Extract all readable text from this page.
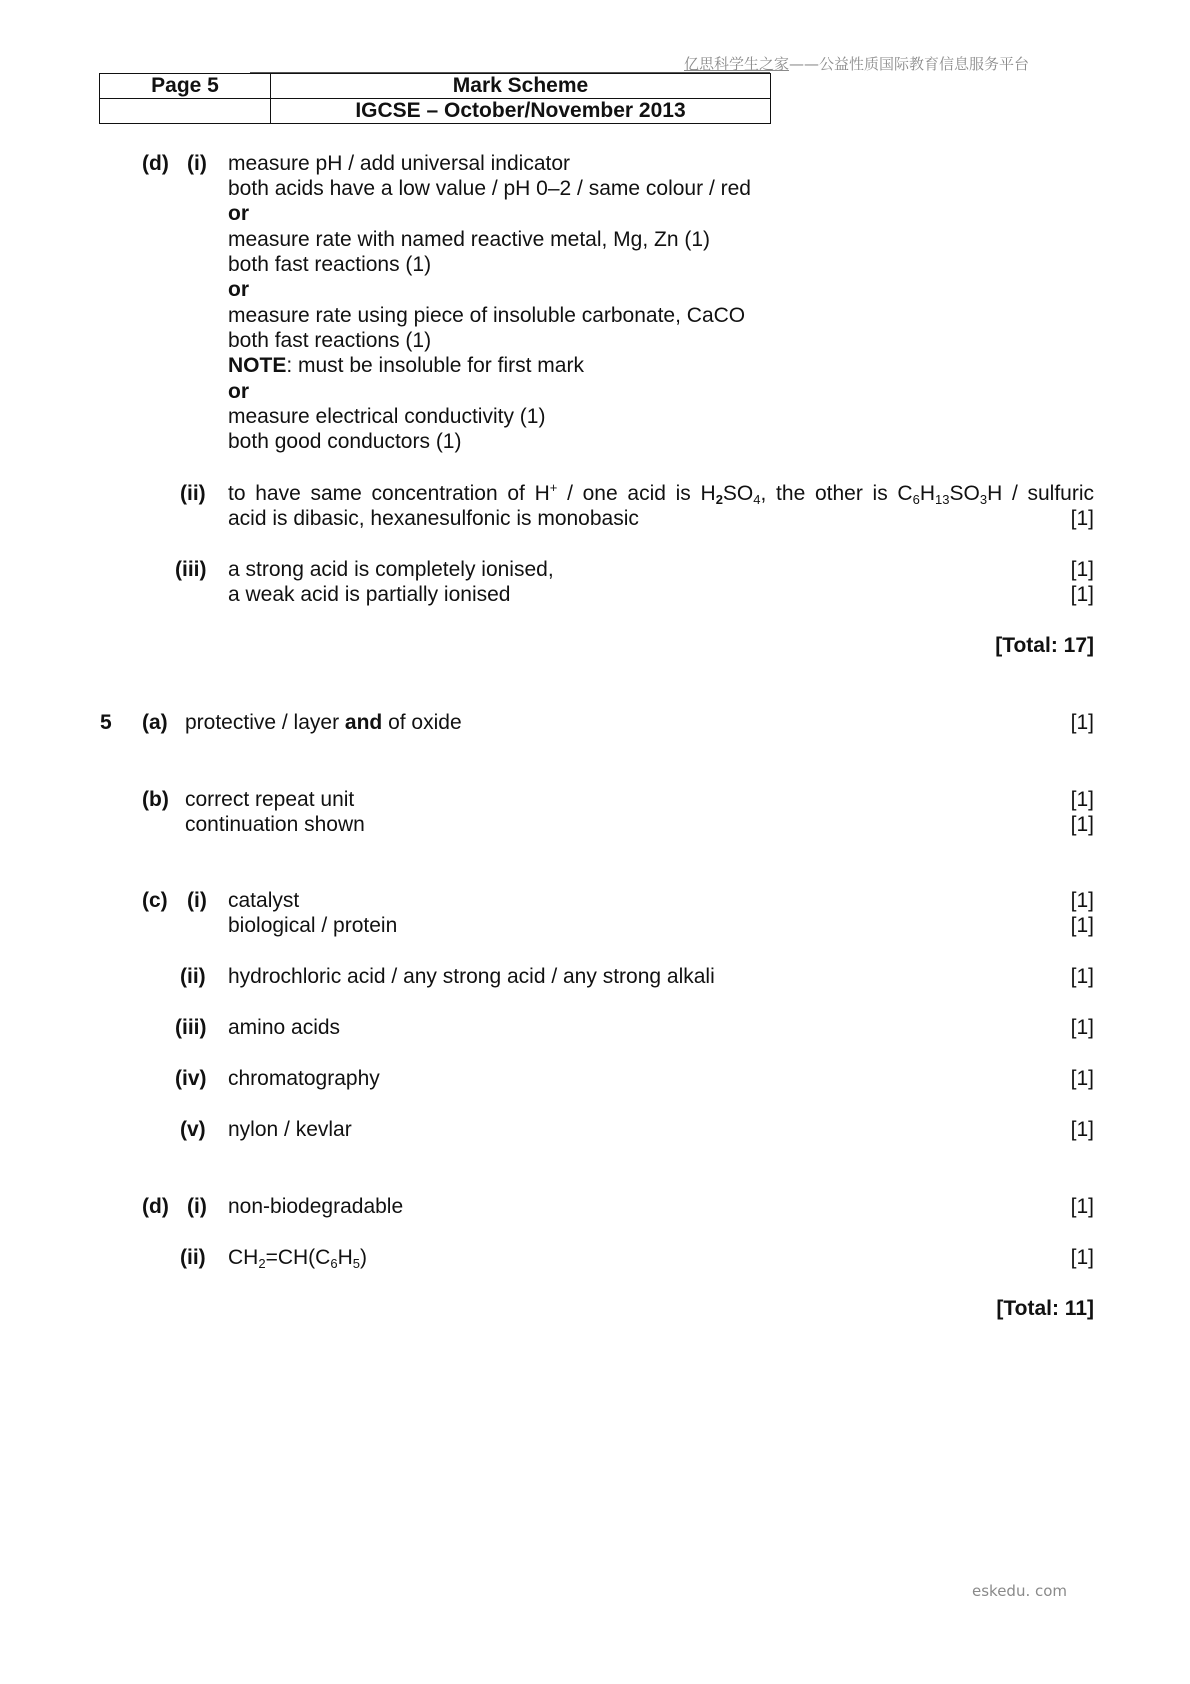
亿思科学生之家——公益性质国际教育信息服务平台
Page 5	Mark Scheme
	IGCSE – October/November 2013
(d) (i) measure pH / add universal indicator
both acids have a low value / pH 0–2 / same colour / red
or
measure rate with named reactive metal, Mg, Zn (1)
both fast reactions (1)
or
measure rate using piece of insoluble carbonate, CaCO
both fast reactions (1)
NOTE: must be insoluble for first mark
or
measure electrical conductivity (1)
both good conductors (1)
(ii) to have same concentration of H+ / one acid is $H_2SO_4$, the other is $C_6H_{13}SO_3H$ / sulfuric
acid is dibasic, hexanesulfonic is monobasic	[1]
(iii) a strong acid is completely ionised,	[1]
a weak acid is partially ionised	[1]
[Total: 17]
5 (a) protective / layer and of oxide	[1]
(b) correct repeat unit	[1]
continuation shown	[1]
(c) (i) catalyst	[1]
biological / protein	[1]
(ii) hydrochloric acid / any strong acid / any strong alkali	[1]
(iii) amino acids	[1]
(iv) chromatography	[1]
(v) nylon / kevlar	[1]
(d) (i) non-biodegradable	[1]
(ii) $CH_2=CH(C_6H_5)$	[1]
[Total: 11]
eskedu. com
